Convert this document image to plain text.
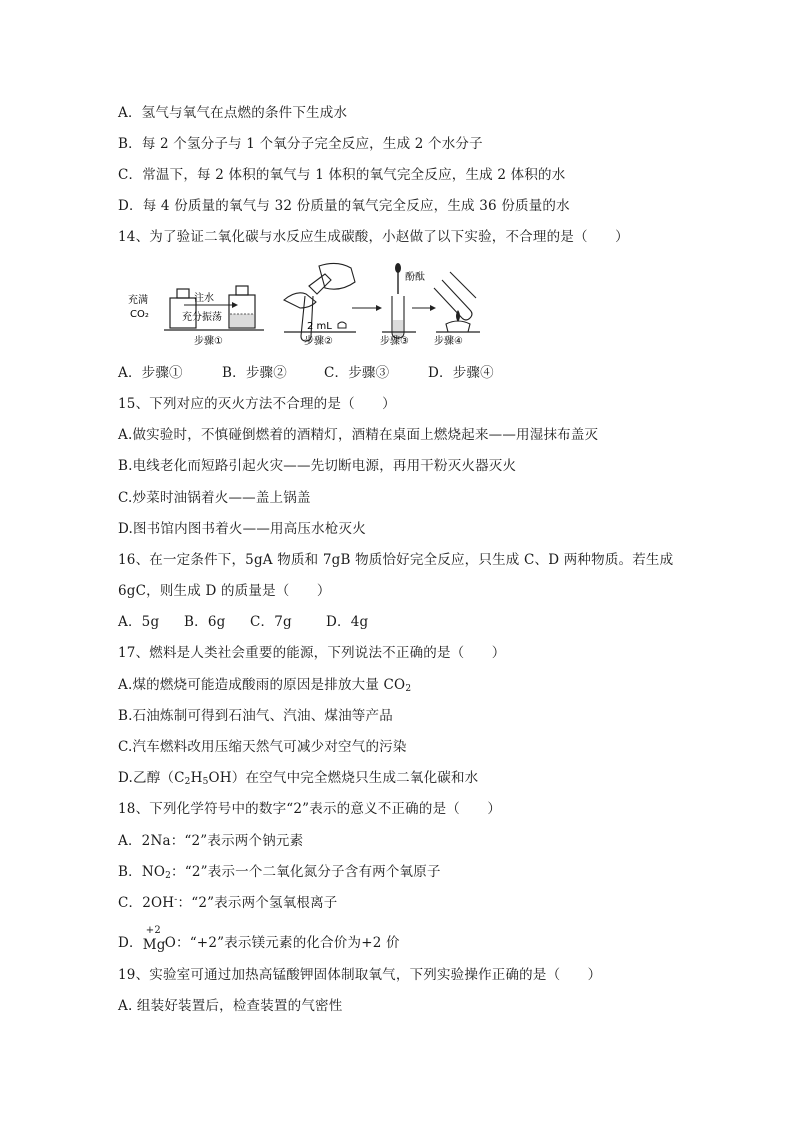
A．氢气与氧气在点燃的条件下生成水
B．每 2 个氢分子与 1 个氧分子完全反应，生成 2 个水分子
C．常温下，每 2 体积的氧气与 1 体积的氧气完全反应，生成 2 体积的水
D．每 4 份质量的氧气与 32 份质量的氧气完全反应，生成 36 份质量的水
14、为了验证二氧化碳与水反应生成碳酸，小赵做了以下实验，不合理的是（　　）
充满
CO₂
注水
充分振荡
步骤①
2 mL
步骤②
酚酞
步骤③	步骤④
A．步骤①	B．步骤②	C．步骤③	D．步骤④
15、下列对应的灭火方法不合理的是（　　）
A.做实验时，不慎碰倒燃着的酒精灯，酒精在桌面上燃烧起来——用湿抹布盖灭
B.电线老化而短路引起火灾——先切断电源，再用干粉灭火器灭火
C.炒菜时油锅着火——盖上锅盖
D.图书馆内图书着火——用高压水枪灭火
16、在一定条件下，5gA 物质和 7gB 物质恰好完全反应，只生成 C、D 两种物质。若生成
6gC，则生成 D 的质量是（　　）
A．5g B．6g C．7g	D．4g
17、燃料是人类社会重要的能源，下列说法不正确的是（　　）
A.煤的燃烧可能造成酸雨的原因是排放大量 $CO_2$
B.石油炼制可得到石油气、汽油、煤油等产品
C.汽车燃料改用压缩天然气可减少对空气的污染
D.乙醇$(C_2H_5OH)$在空气中完全燃烧只生成二氧化碳和水
18、下列化学符号中的数字“2”表示的意义不正确的是（　　）
A．2Na：“2”表示两个钠元素
B．$NO_2$：“2”表示一个二氧化氮分子含有两个氧原子
C．2OH-：“2”表示两个氢氧根离子
D．
+2
Mg O：“+2”表示镁元素的化合价为+2 价
19、实验室可通过加热高锰酸钾固体制取氧气，下列实验操作正确的是（　　）
A. 组装好装置后，检查装置的气密性
